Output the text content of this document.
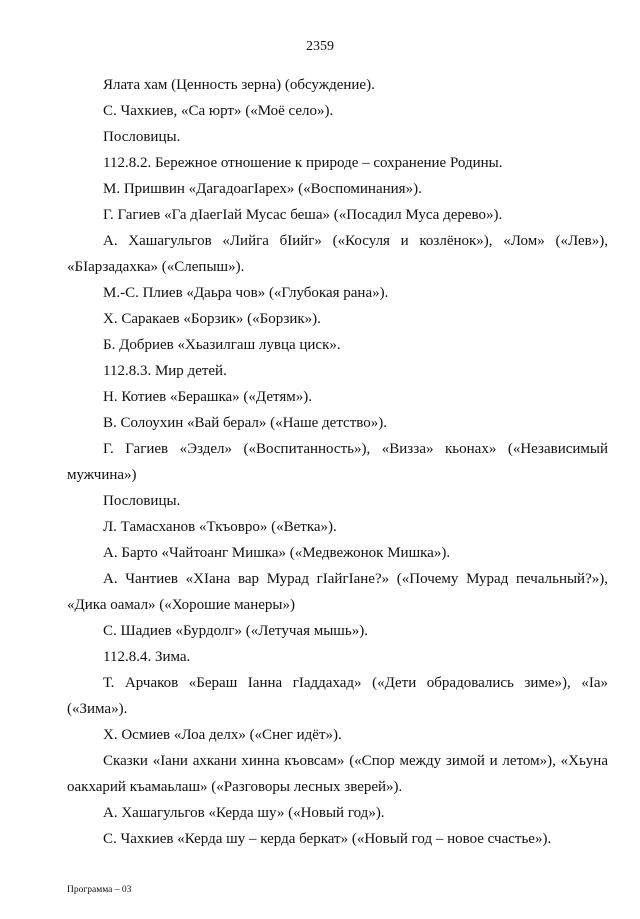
2359
Ялата хам (Ценность зерна) (обсуждение).
С. Чахкиев, «Са юрт» («Моё село»).
Пословицы.
112.8.2. Бережное отношение к природе – сохранение Родины.
М. Пришвин «ДагадоагІарех» («Воспоминания»).
Г. Гагиев «Га дІаегІай Мусас беша» («Посадил Муса дерево»).
А. Хашагульгов «Лийга бІийг» («Косуля и козлёнок»), «Лом» («Лев»),
«БІарзадахка» («Слепыш»).
М.-С. Плиев «Даьра чов» («Глубокая рана»).
Х. Саракаев «Борзик» («Борзик»).
Б. Добриев «Хьазилгаш лувца циск».
112.8.3. Мир детей.
Н. Котиев «Берашка» («Детям»).
В. Солоухин «Вай берал» («Наше детство»).
Г. Гагиев «Эздел» («Воспитанность»), «Визза» кьонах» («Независимый
мужчина»)
Пословицы.
Л. Тамасханов «Ткъоврo» («Ветка»).
А. Барто «Чайтоанг Мишка» («Медвежонок Мишка»).
А. Чантиев «ХІана вар Мурад гІайгІане?» («Почему Мурад печальный?»),
«Дика оамал» («Хорошие манеры»)
С. Шадиев «Бурдолг» («Летучая мышь»).
112.8.4. Зима.
Т. Арчаков «Бераш Іанна гІаддахад» («Дети обрадовались зиме»), «Іа»
(«Зима»).
Х. Осмиев «Лоа делх» («Снег идёт»).
Сказки «Іани ахкани хинна къовсам» («Спор между зимой и летом»), «Хьуна
оакхарий къамаьлаш» («Разговоры лесных зверей»).
А. Хашагульгов «Керда шу» («Новый год»).
С. Чахкиев «Керда шу – керда беркат» («Новый год – новое счастье»).
Программа – 03
